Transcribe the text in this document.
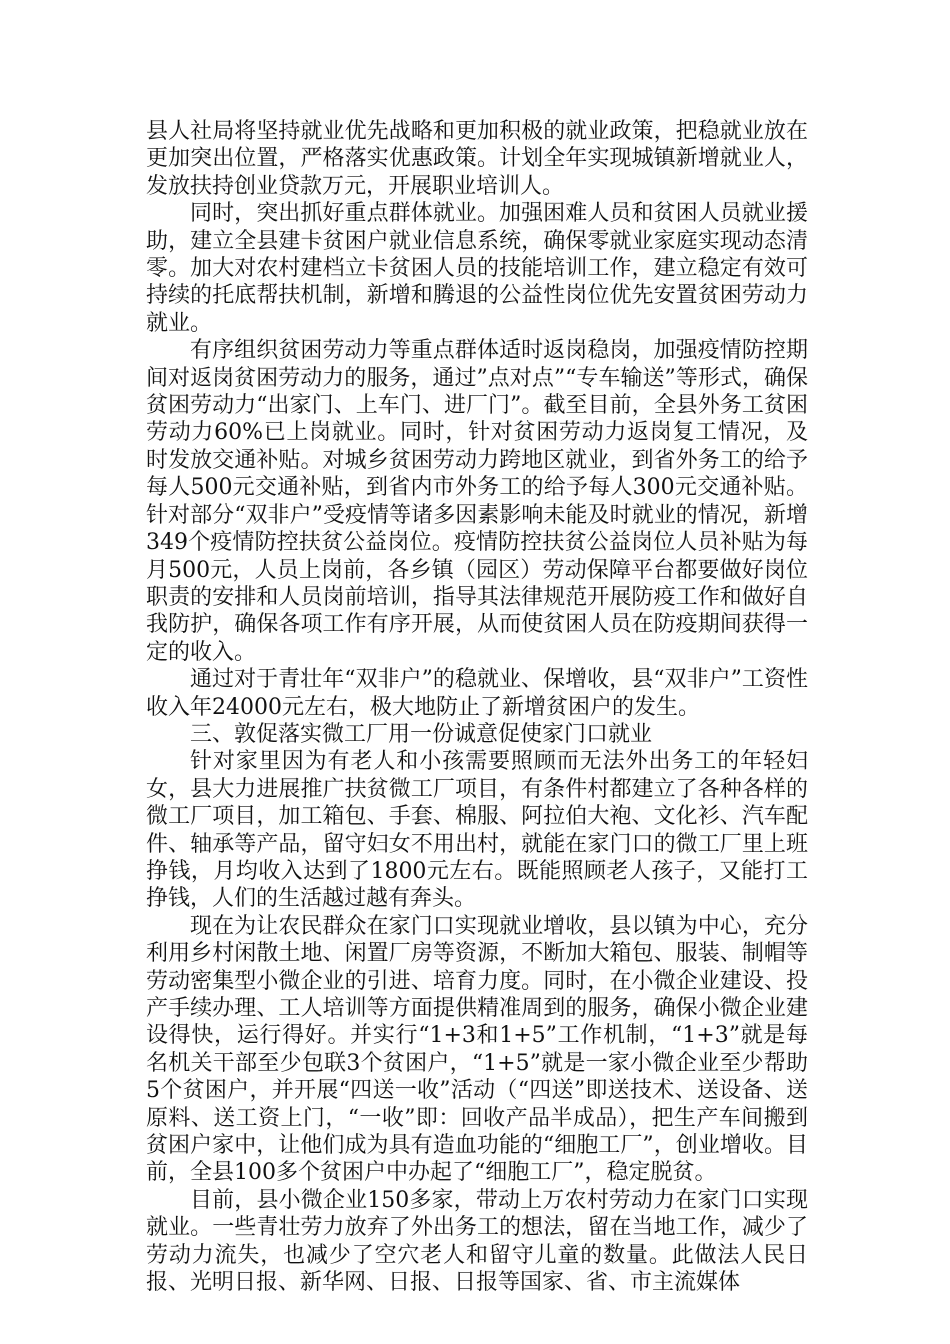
县人社局将坚持就业优先战略和更加积极的就业政策，把稳就业放在更加突出位置，严格落实优惠政策。计划全年实现城镇新增就业人，发放扶持创业贷款万元，开展职业培训人。

同时，突出抓好重点群体就业。加强困难人员和贫困人员就业援助，建立全县建卡贫困户就业信息系统，确保零就业家庭实现动态清零。加大对农村建档立卡贫困人员的技能培训工作，建立稳定有效可持续的托底帮扶机制，新增和腾退的公益性岗位优先安置贫困劳动力就业。

有序组织贫困劳动力等重点群体适时返岗稳岗，加强疫情防控期间对返岗贫困劳动力的服务，通过”点对点”“专车输送”等形式，确保贫困劳动力“出家门、上车门、进厂门”。截至目前，全县外务工贫困劳动力60%已上岗就业。同时，针对贫困劳动力返岗复工情况，及时发放交通补贴。对城乡贫困劳动力跨地区就业，到省外务工的给予每人500元交通补贴，到省内市外务工的给予每人300元交通补贴。针对部分“双非户”受疫情等诸多因素影响未能及时就业的情况，新增349个疫情防控扶贫公益岗位。疫情防控扶贫公益岗位人员补贴为每月500元，人员上岗前，各乡镇（园区）劳动保障平台都要做好岗位职责的安排和人员岗前培训，指导其法律规范开展防疫工作和做好自我防护，确保各项工作有序开展，从而使贫困人员在防疫期间获得一定的收入。

通过对于青壮年“双非户”的稳就业、保增收，县“双非户”工资性收入年24000元左右，极大地防止了新增贫困户的发生。

三、敦促落实微工厂用一份诚意促使家门口就业

针对家里因为有老人和小孩需要照顾而无法外出务工的年轻妇女，县大力进展推广扶贫微工厂项目，有条件村都建立了各种各样的微工厂项目，加工箱包、手套、棉服、阿拉伯大袍、文化衫、汽车配件、轴承等产品，留守妇女不用出村，就能在家门口的微工厂里上班挣钱，月均收入达到了1800元左右。既能照顾老人孩子，又能打工挣钱，人们的生活越过越有奔头。

现在为让农民群众在家门口实现就业增收，县以镇为中心，充分利用乡村闲散土地、闲置厂房等资源，不断加大箱包、服装、制帽等劳动密集型小微企业的引进、培育力度。同时，在小微企业建设、投产手续办理、工人培训等方面提供精准周到的服务，确保小微企业建设得快，运行得好。并实行“1+3和1+5”工作机制，“1+3”就是每名机关干部至少包联3个贫困户，“1+5”就是一家小微企业至少帮助5个贫困户，并开展“四送一收”活动（“四送”即送技术、送设备、送原料、送工资上门，“一收”即：回收产品半成品），把生产车间搬到贫困户家中，让他们成为具有造血功能的“细胞工厂”，创业增收。目前，全县100多个贫困户中办起了“细胞工厂”，稳定脱贫。

目前，县小微企业150多家，带动上万农村劳动力在家门口实现就业。一些青壮劳力放弃了外出务工的想法，留在当地工作，减少了劳动力流失，也减少了空穴老人和留守儿童的数量。此做法人民日报、光明日报、新华网、日报、日报等国家、省、市主流媒体
